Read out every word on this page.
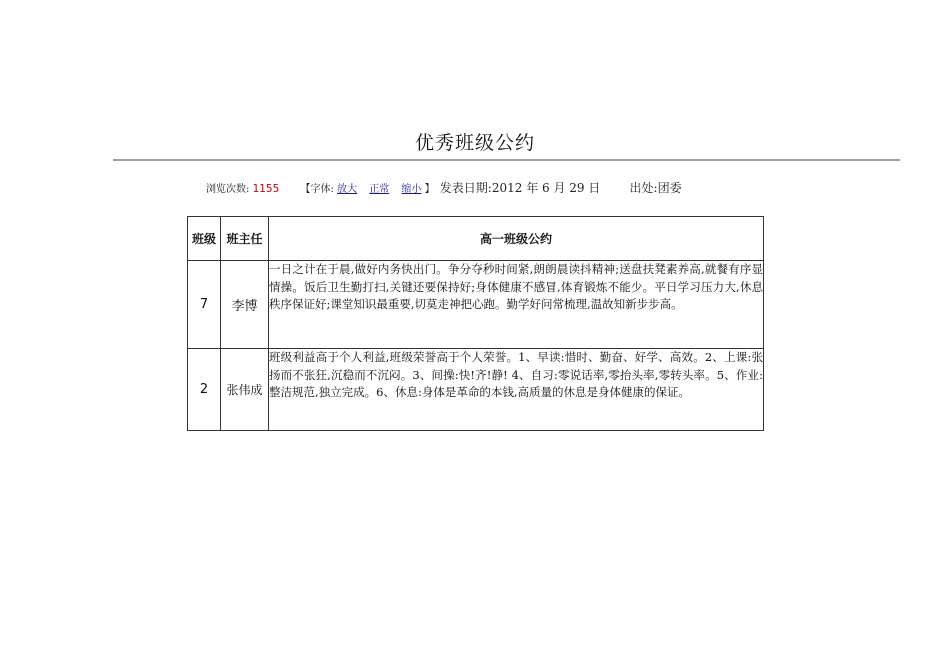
优秀班级公约
浏览次数: 1155 【字体: 放大 正常 缩小 】 发表日期:2012 年 6 月 29 日 出处:团委
班级	班主任	高一班级公约
7	李博	一日之计在于晨,做好内务快出门。争分夺秒时间紧,朗朗晨读抖精神;送盘扶凳素养高,就餐有序显情操。饭后卫生勤打扫,关键还要保持好;身体健康不感冒,体育锻炼不能少。平日学习压力大,休息秩序保证好;课堂知识最重要,切莫走神把心跑。勤学好问常梳理,温故知新步步高。
2	张伟成	班级利益高于个人利益,班级荣誉高于个人荣誉。1、早读:惜时、勤奋、好学、高效。2、上课:张扬而不张狂,沉稳而不沉闷。3、间操:快!齐!静! 4、自习:零说话率,零抬头率,零转头率。5、作业:整洁规范,独立完成。6、休息:身体是革命的本钱,高质量的休息是身体健康的保证。
